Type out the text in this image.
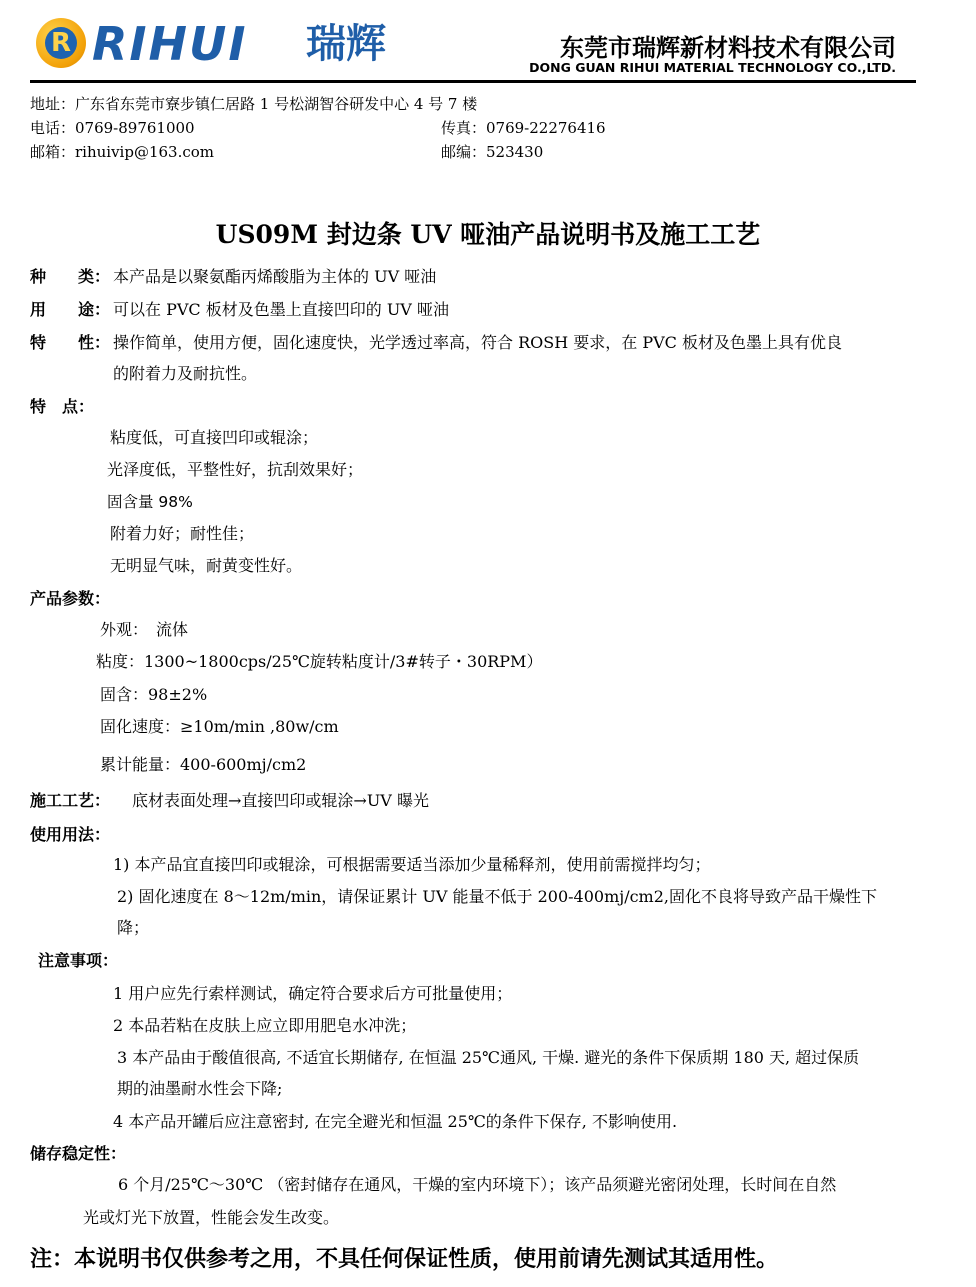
R RIHUI 瑞辉	东莞市瑞辉新材料技术有限公司
DONG GUAN RIHUI MATERIAL TECHNOLOGY CO.,LTD.
地址：广东省东莞市寮步镇仁居路 1 号松湖智谷研发中心 4 号 7 楼
电话：0769-89761000	传真：0769-22276416
邮箱：rihuivip@163.com	邮编：523430
US09M 封边条 UV 哑油产品说明书及施工工艺
种　　类： 本产品是以聚氨酯丙烯酸脂为主体的 UV 哑油
用　　途： 可以在 PVC 板材及色墨上直接凹印的 UV 哑油
特　　性： 操作简单，使用方便，固化速度快，光学透过率高，符合 ROSH 要求，在 PVC 板材及色墨上具有优良
的附着力及耐抗性。
特　点：
粘度低，可直接凹印或辊涂；
光泽度低，平整性好，抗刮效果好；
固含量 98%
附着力好；耐性佳；
无明显气味，耐黄变性好。
产品参数：
外观：　流体
粘度：1300~1800cps/25℃旋转粘度计/3#转子・30RPM）
固含：98±2%
固化速度：≥10m/min ,80w/cm
累计能量：400-600mj/cm2
施工工艺： 底材表面处理→直接凹印或辊涂→UV 曝光
使用用法：
1) 本产品宜直接凹印或辊涂，可根据需要适当添加少量稀释剂，使用前需搅拌均匀；
2) 固化速度在 8～12m/min，请保证累计 UV 能量不低于 200-400mj/cm2,固化不良将导致产品干燥性下
降；
注意事项：
1 用户应先行索样测试，确定符合要求后方可批量使用；
2 本品若粘在皮肤上应立即用肥皂水冲洗；
3 本产品由于酸值很高, 不适宜长期储存, 在恒温 25℃通风, 干燥. 避光的条件下保质期 180 天, 超过保质
期的油墨耐水性会下降;
4 本产品开罐后应注意密封, 在完全避光和恒温 25℃的条件下保存, 不影响使用.
储存稳定性：
6 个月/25℃～30℃ （密封储存在通风，干燥的室内环境下）；该产品须避光密闭处理，长时间在自然
光或灯光下放置，性能会发生改变。
注：本说明书仅供参考之用，不具任何保证性质，使用前请先测试其适用性。
